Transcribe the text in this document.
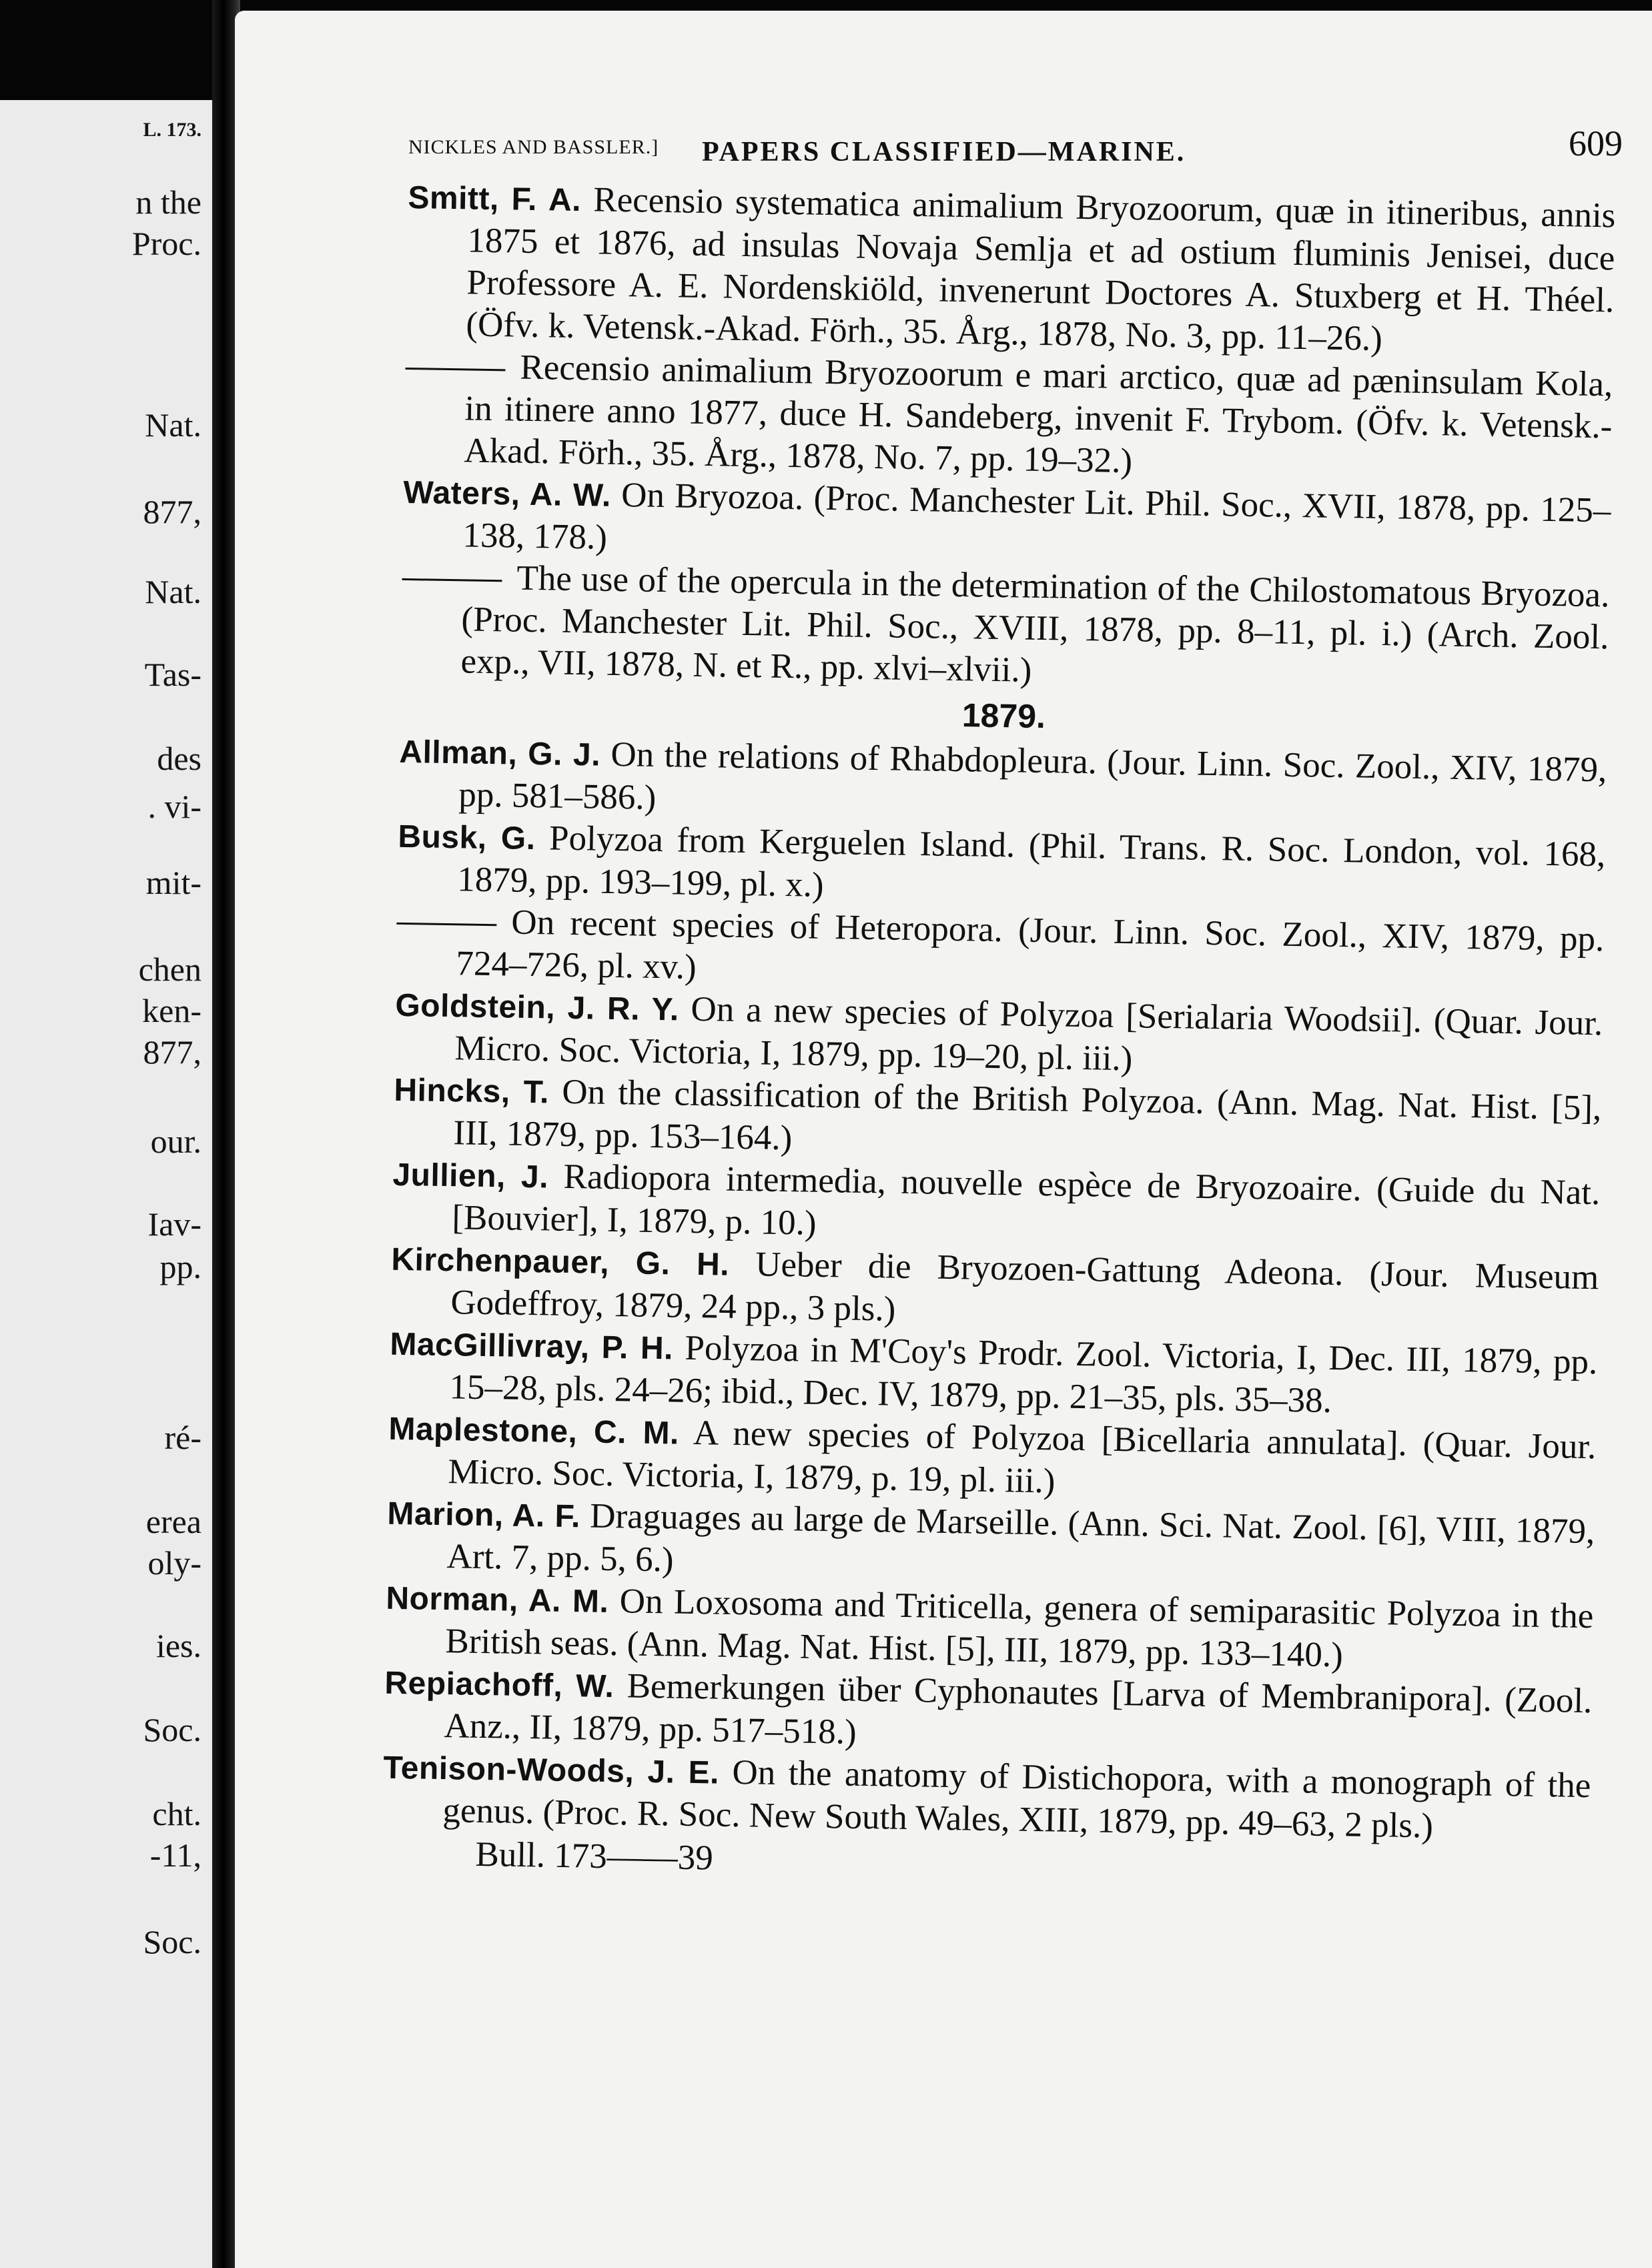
L. 173.
n the
Proc.
Nat.
877,
Nat.
Tas-
des
. vi-
mit-
chen
ken-
877,
our.
Iav-
pp.
ré-
erea
oly-
ies.
Soc.
cht.
-11,
Soc.
NICKLES AND BASSLER.] PAPERS CLASSIFIED—MARINE.	609

Smitt, F. A. Recensio systematica animalium Bryozoorum, quæ in itineribus, annis 1875 et 1876, ad insulas Novaja Semlja et ad ostium fluminis Jenisei, duce Professore A. E. Nordenskiöld, invenerunt Doctores A. Stuxberg et H. Théel. (Öfv. k. Vetensk.-Akad. Förh., 35. Årg., 1878, No. 3, pp. 11–26.)

Recensio animalium Bryozoorum e mari arctico, quæ ad pæninsulam Kola, in itinere anno 1877, duce H. Sandeberg, invenit F. Trybom. (Öfv. k. Vetensk.-Akad. Förh., 35. Årg., 1878, No. 7, pp. 19–32.)

Waters, A. W. On Bryozoa. (Proc. Manchester Lit. Phil. Soc., XVII, 1878, pp. 125–138, 178.)

The use of the opercula in the determination of the Chilostomatous Bryozoa. (Proc. Manchester Lit. Phil. Soc., XVIII, 1878, pp. 8–11, pl. i.) (Arch. Zool. exp., VII, 1878, N. et R., pp. xlvi–xlvii.)

1879.

Allman, G. J. On the relations of Rhabdopleura. (Jour. Linn. Soc. Zool., XIV, 1879, pp. 581–586.)

Busk, G. Polyzoa from Kerguelen Island. (Phil. Trans. R. Soc. London, vol. 168, 1879, pp. 193–199, pl. x.)

On recent species of Heteropora. (Jour. Linn. Soc. Zool., XIV, 1879, pp. 724–726, pl. xv.)

Goldstein, J. R. Y. On a new species of Polyzoa [Serialaria Woodsii]. (Quar. Jour. Micro. Soc. Victoria, I, 1879, pp. 19–20, pl. iii.)

Hincks, T. On the classification of the British Polyzoa. (Ann. Mag. Nat. Hist. [5], III, 1879, pp. 153–164.)

Jullien, J. Radiopora intermedia, nouvelle espèce de Bryozoaire. (Guide du Nat. [Bouvier], I, 1879, p. 10.)

Kirchenpauer, G. H. Ueber die Bryozoen-Gattung Adeona. (Jour. Museum Godeffroy, 1879, 24 pp., 3 pls.)

MacGillivray, P. H. Polyzoa in M'Coy's Prodr. Zool. Victoria, I, Dec. III, 1879, pp. 15–28, pls. 24–26; ibid., Dec. IV, 1879, pp. 21–35, pls. 35–38.

Maplestone, C. M. A new species of Polyzoa [Bicellaria annulata]. (Quar. Jour. Micro. Soc. Victoria, I, 1879, p. 19, pl. iii.)

Marion, A. F. Draguages au large de Marseille. (Ann. Sci. Nat. Zool. [6], VIII, 1879, Art. 7, pp. 5, 6.)

Norman, A. M. On Loxosoma and Triticella, genera of semiparasitic Polyzoa in the British seas. (Ann. Mag. Nat. Hist. [5], III, 1879, pp. 133–140.)

Repiachoff, W. Bemerkungen über Cyphonautes [Larva of Membranipora]. (Zool. Anz., II, 1879, pp. 517–518.)

Tenison-Woods, J. E. On the anatomy of Distichopora, with a monograph of the genus. (Proc. R. Soc. New South Wales, XIII, 1879, pp. 49–63, 2 pls.)

Bull. 173——39
